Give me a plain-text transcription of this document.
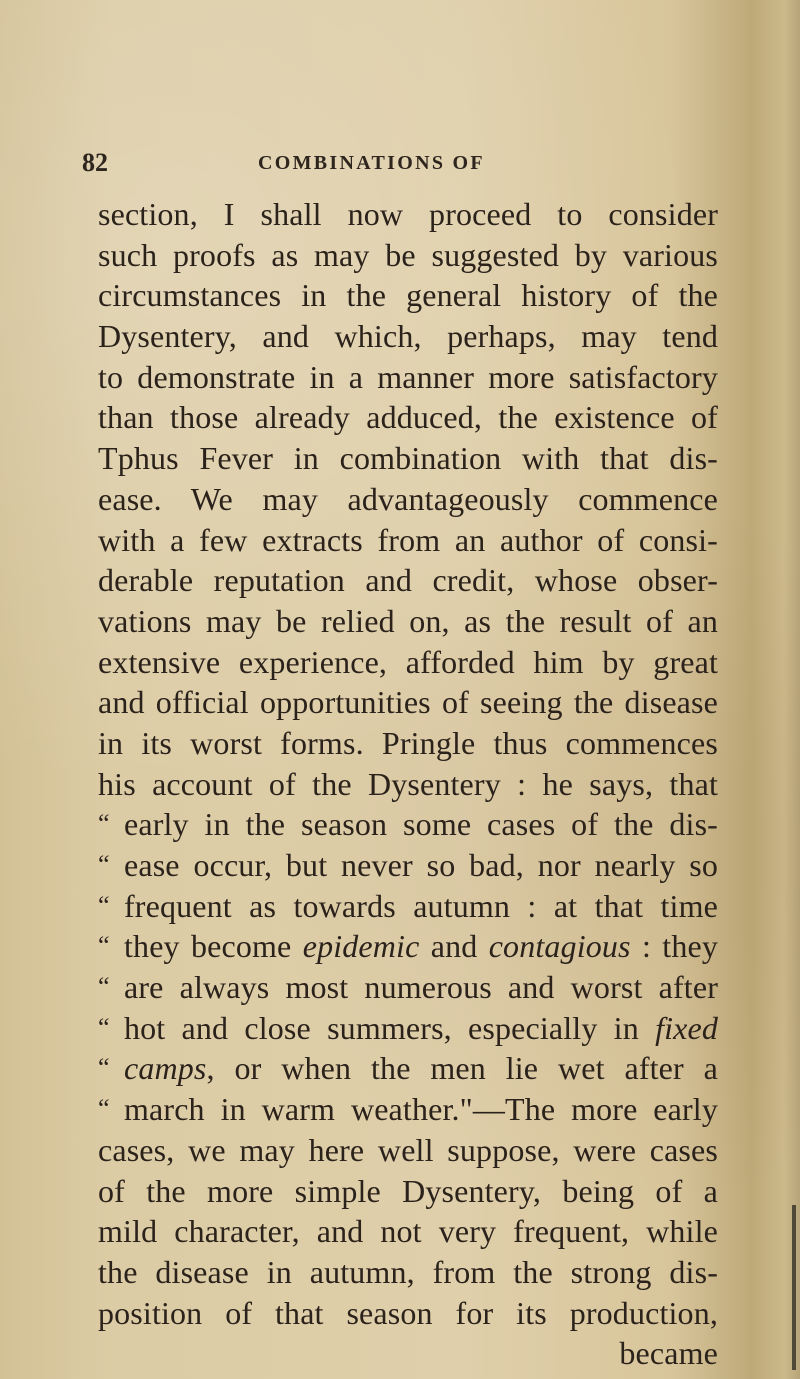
82	COMBINATIONS OF
section, I shall now proceed to consider
such proofs as may be suggested by various
circumstances in the general history of the
Dysentery, and which, perhaps, may tend
to demonstrate in a manner more satisfactory
than those already adduced, the existence of
Tphus Fever in combination with that dis-
ease. We may advantageously commence
with a few extracts from an author of consi-
derable reputation and credit, whose obser-
vations may be relied on, as the result of an
extensive experience, afforded him by great
and official opportunities of seeing the disease
in its worst forms. Pringle thus commences
his account of the Dysentery : he says, that
“ early in the season some cases of the dis-
“ ease occur, but never so bad, nor nearly so
“ frequent as towards autumn : at that time
“ they become epidemic and contagious : they
“ are always most numerous and worst after
“ hot and close summers, especially in fixed
“ camps, or when the men lie wet after a
“ march in warm weather."—The more early
cases, we may here well suppose, were cases
of the more simple Dysentery, being of a
mild character, and not very frequent, while
the disease in autumn, from the strong dis-
position of that season for its production,
became
